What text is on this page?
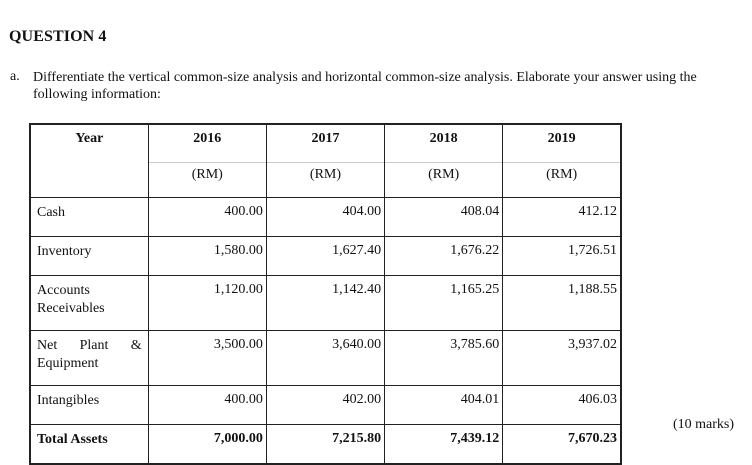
QUESTION 4
a. Differentiate the vertical common-size analysis and horizontal common-size analysis. Elaborate your answer using the following information:
Year	2016	2017	2018	2019
	(RM)	(RM)	(RM)	(RM)
Cash	400.00	404.00	408.04	412.12
Inventory	1,580.00	1,627.40	1,676.22	1,726.51
Accounts Receivables	1,120.00	1,142.40	1,165.25	1,188.55

Net Plant &
Equipment	3,500.00	3,640.00	3,785.60	3,937.02
Intangibles	400.00	402.00	404.01	406.03
Total Assets	7,000.00	7,215.80	7,439.12	7,670.23
(10 marks)
